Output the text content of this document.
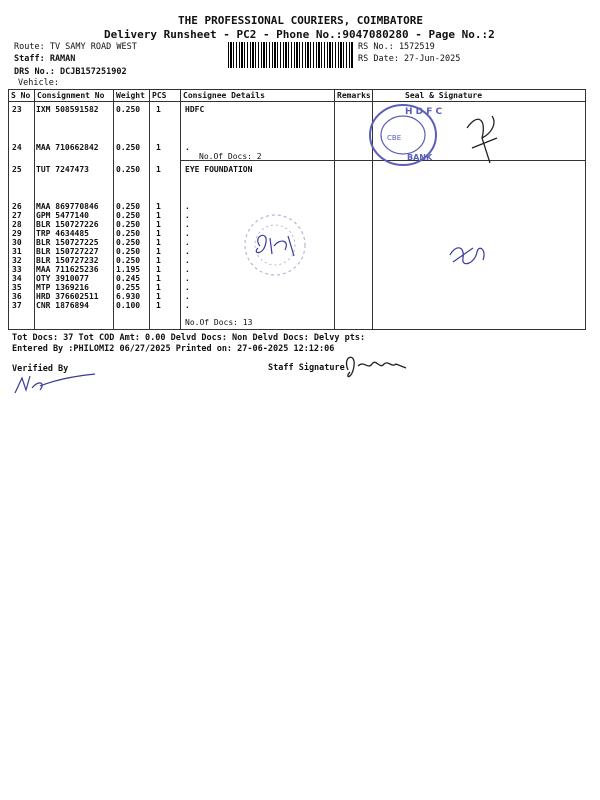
THE PROFESSIONAL COURIERS, COIMBATORE
Delivery Runsheet - PC2 - Phone No.:9047080280 - Page No.:2
Route: TV SAMY ROAD WEST
Staff: RAMAN
DRS No.: DCJB157251902
Vehicle:
RS No.: 1572519
RS Date: 27-Jun-2025
S No Consignment No Weight PCS Consignee Details	Remarks	Seal & Signature
23 IXM 508591582 0.250 1	HDFC
24 MAA 710662842 0.250 1	.
No.Of Docs: 2
25 TUT 7247473	0.250 1	EYE FOUNDATION
26 MAA 869770846 0.250 1	.
27 GPM 5477140	0.250 1	.
28 BLR 150727226 0.250 1	.
29 TRP 4634485	0.250 1	.
30 BLR 150727225 0.250 1	.
31 BLR 150727227 0.250 1	.
32 BLR 150727232 0.250 1	.
33 MAA 711625236 1.195 1	.
34 OTY 3910077	0.245 1	.
35 MTP 1369216	0.255 1	.
36 HRD 376602511 6.930 1	.
37 CNR 1876894	0.100 1	.
No.Of Docs: 13
H D F C
CBE
BANK
Tot Docs: 37 Tot COD Amt: 0.00 Delvd Docs: Non Delvd Docs: Delvy pts:
Entered By :PHILOMI2 06/27/2025 Printed on: 27-06-2025 12:12:06
Verified By	Staff Signature
